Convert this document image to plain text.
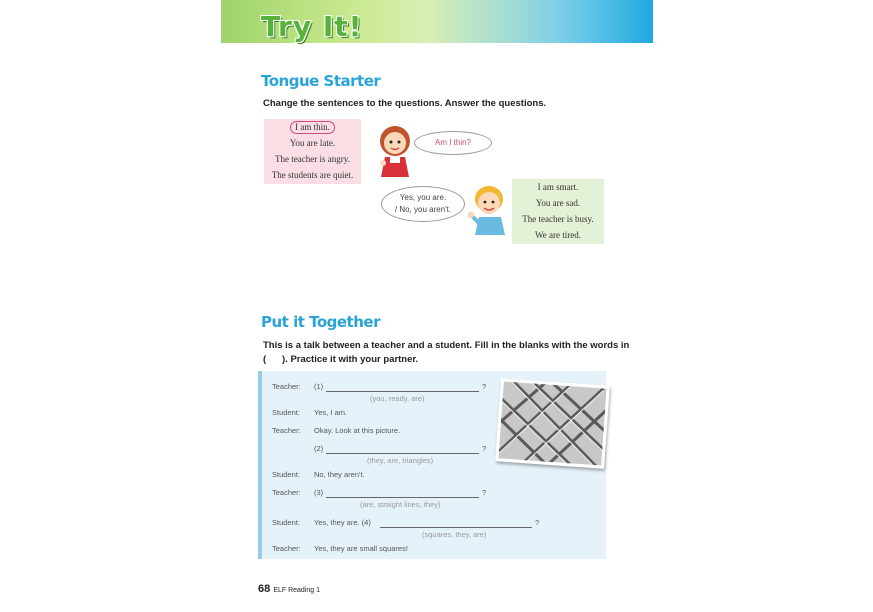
Try It!
Tongue Starter
Change the sentences to the questions. Answer the questions.
I am thin.
You are late.
The teacher is angry.
The students are quiet.
Am I thin?
Yes, you are.
/ No, you aren't.
I am smart.
You are sad.
The teacher is busy.
We are tired.
Put it Together
This is a talk between a teacher and a student. Fill in the blanks with the words in
(      ). Practice it with your partner.
Teacher: (1)	?
(you, ready, are)
Student: Yes, I am.
Teacher: Okay. Look at this picture.
(2)	?
(they, are, triangles)
Student: No, they aren't.
Teacher: (3)	?
(are, straight lines, they)
Student: Yes, they are. (4)	?
(squares, they, are)
Teacher: Yes, they are small squares!
68 ELF Reading 1
